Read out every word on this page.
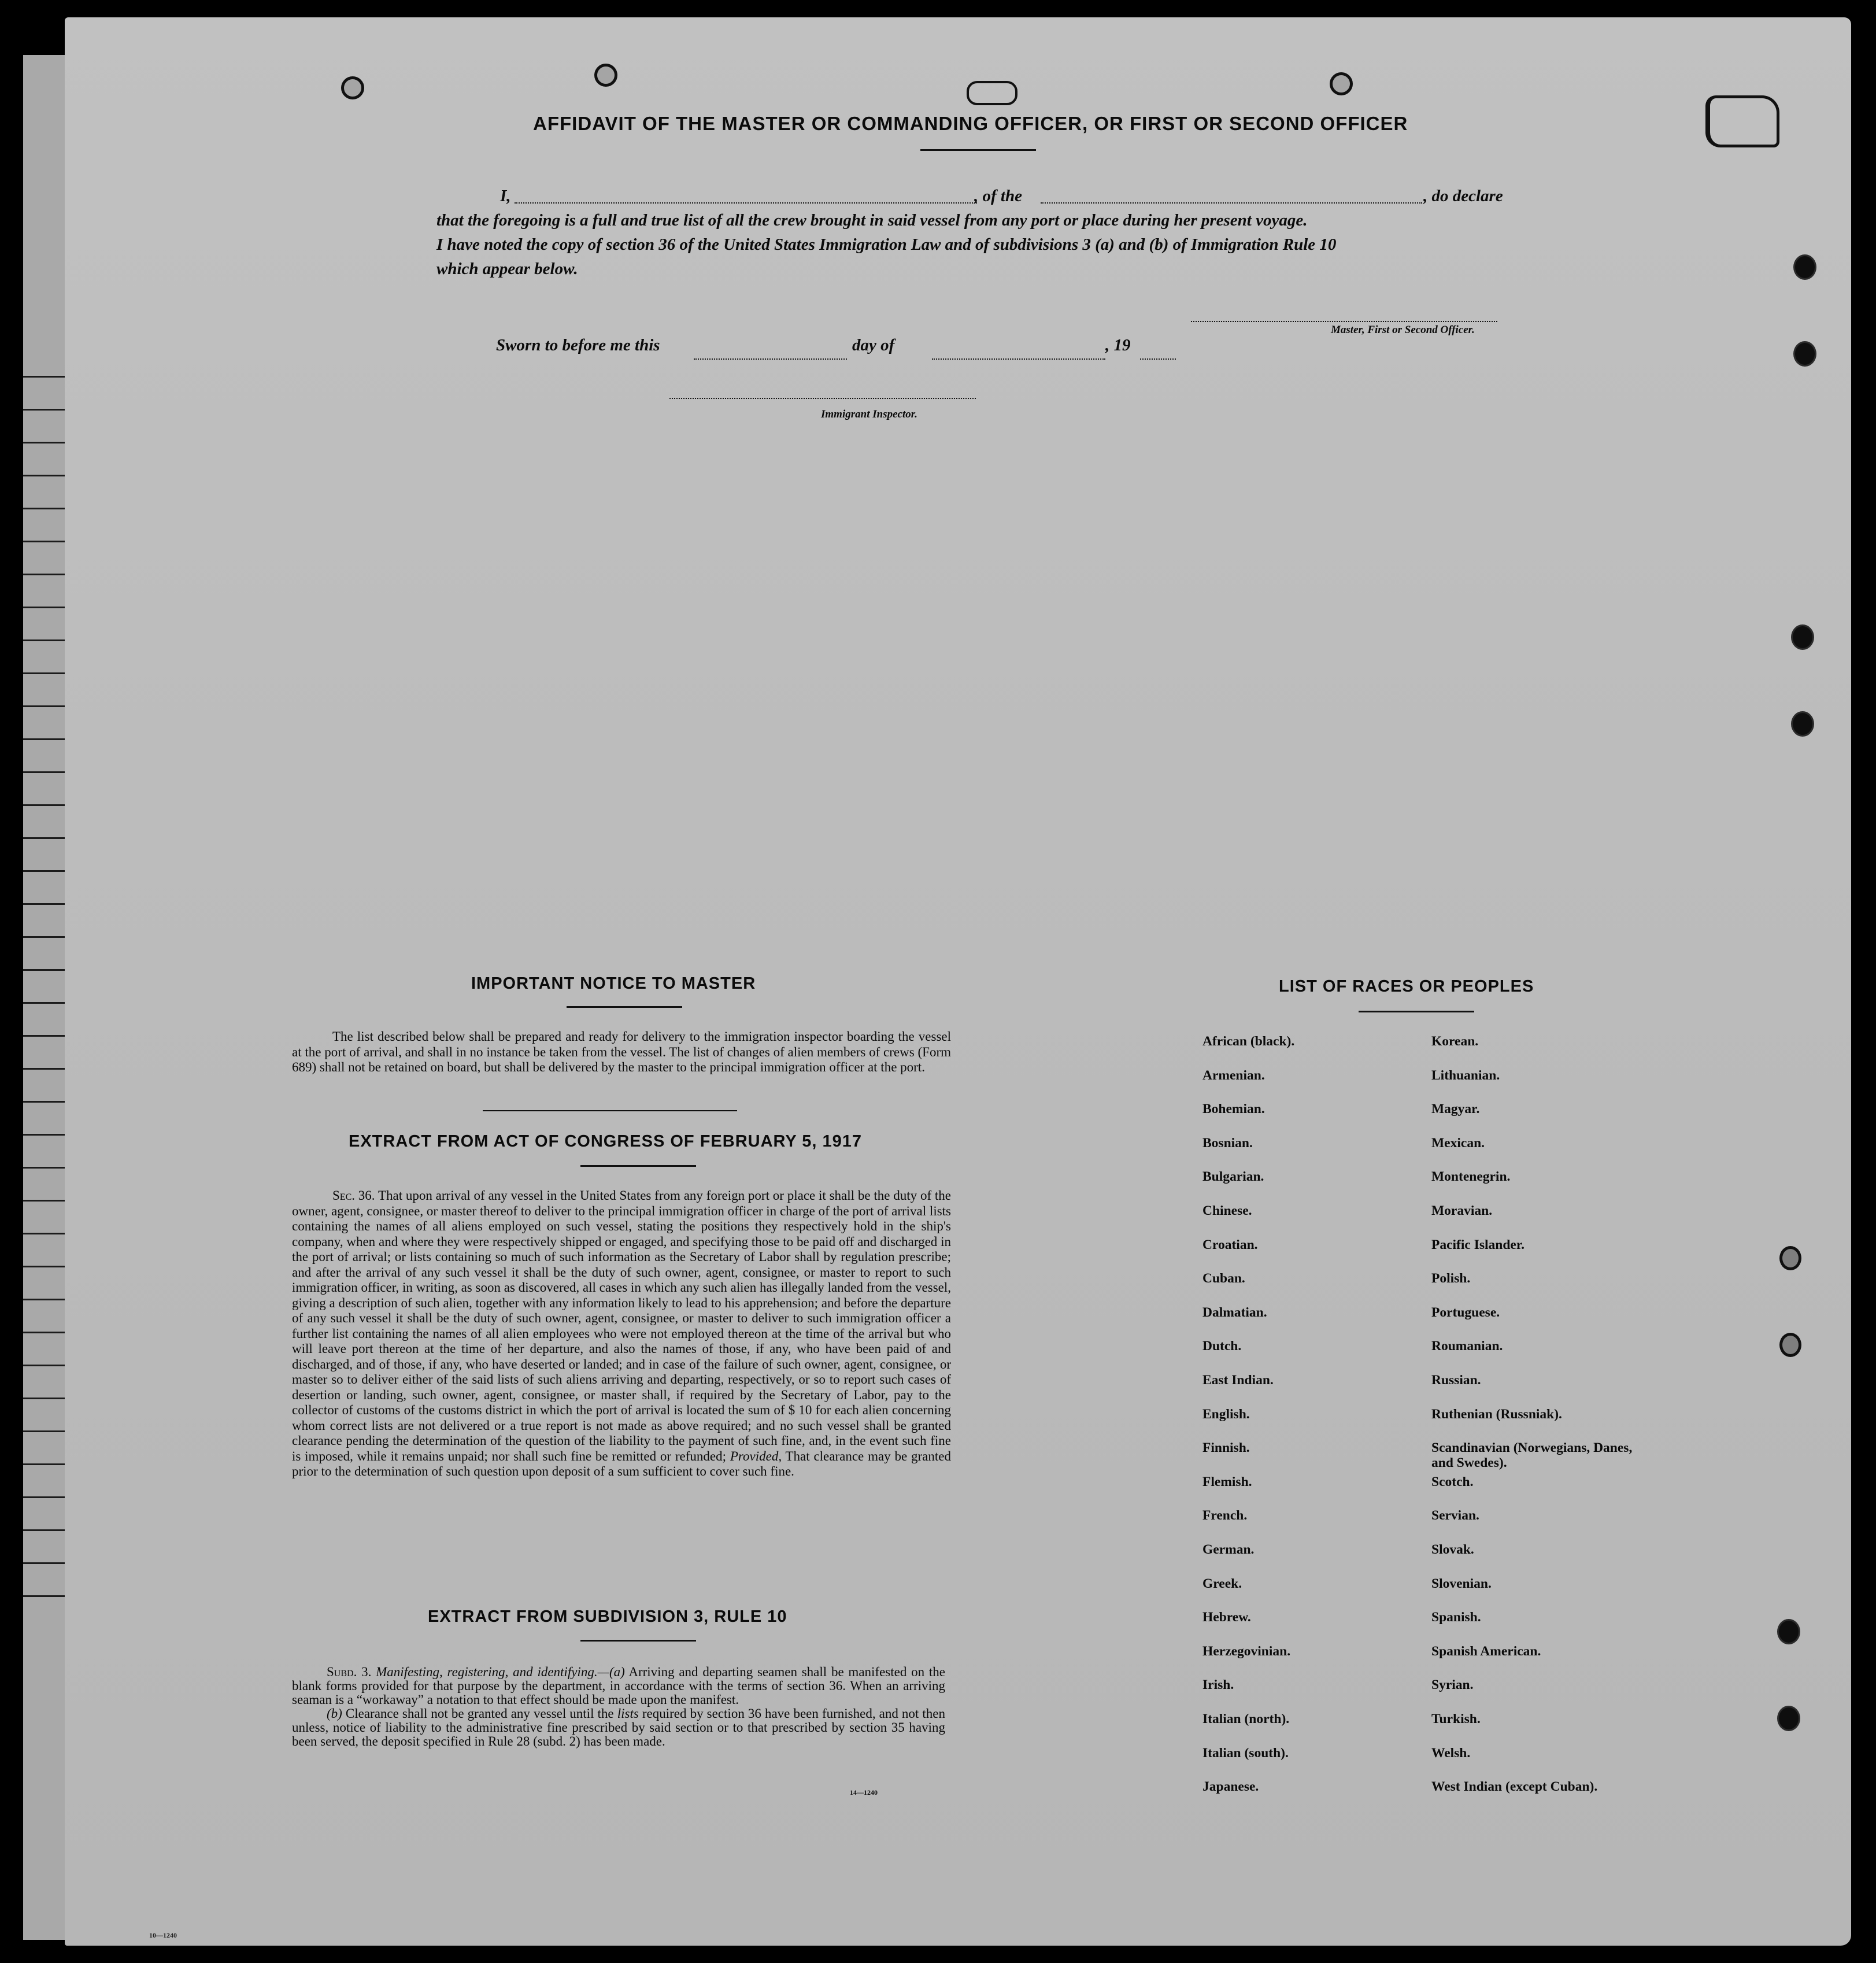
AFFIDAVIT OF THE MASTER OR COMMANDING OFFICER, OR FIRST OR SECOND OFFICER
I,	, of the	, do declare
that the foregoing is a full and true list of all the crew brought in said vessel from any port or place during her present voyage.
I have noted the copy of section 36 of the United States Immigration Law and of subdivisions 3 (a) and (b) of Immigration Rule 10
which appear below.
Master, First or Second Officer.
Sworn to before me this	day of	, 19
Immigrant Inspector.
IMPORTANT NOTICE TO MASTER
The list described below shall be prepared and ready for delivery to the immigration inspector boarding the vessel at the port of arrival, and shall in no instance be taken from the vessel. The list of changes of alien members of crews (Form 689) shall not be retained on board, but shall be delivered by the master to the principal immigration officer at the port.
EXTRACT FROM ACT OF CONGRESS OF FEBRUARY 5, 1917
Sec. 36. That upon arrival of any vessel in the United States from any foreign port or place it shall be the duty of the owner, agent, consignee, or master thereof to deliver to the principal immigration officer in charge of the port of arrival lists containing the names of all aliens employed on such vessel, stating the positions they respectively hold in the ship's company, when and where they were respectively shipped or engaged, and specifying those to be paid off and discharged in the port of arrival; or lists containing so much of such information as the Secretary of Labor shall by regulation prescribe; and after the arrival of any such vessel it shall be the duty of such owner, agent, consignee, or master to report to such immigration officer, in writing, as soon as discovered, all cases in which any such alien has illegally landed from the vessel, giving a description of such alien, together with any information likely to lead to his apprehension; and before the departure of any such vessel it shall be the duty of such owner, agent, consignee, or master to deliver to such immigration officer a further list containing the names of all alien employees who were not employed thereon at the time of the arrival but who will leave port thereon at the time of her departure, and also the names of those, if any, who have been paid of and discharged, and of those, if any, who have deserted or landed; and in case of the failure of such owner, agent, consignee, or master so to deliver either of the said lists of such aliens arriving and departing, respectively, or so to report such cases of desertion or landing, such owner, agent, consignee, or master shall, if required by the Secretary of Labor, pay to the collector of customs of the customs district in which the port of arrival is located the sum of $ 10 for each alien concerning whom correct lists are not delivered or a true report is not made as above required; and no such vessel shall be granted clearance pending the determination of the question of the liability to the payment of such fine, and, in the event such fine is imposed, while it remains unpaid; nor shall such fine be remitted or refunded; Provided, That clearance may be granted prior to the determination of such question upon deposit of a sum sufficient to cover such fine.
EXTRACT FROM SUBDIVISION 3, RULE 10

Subd. 3. Manifesting, registering, and identifying.—(a) Arriving and departing seamen shall be manifested on the blank forms provided for that purpose by the department, in accordance with the terms of section 36. When an arriving seaman is a “workaway” a notation to that effect should be made upon the manifest.

(b) Clearance shall not be granted any vessel until the lists required by section 36 have been furnished, and not then unless, notice of liability to the administrative fine prescribed by said section or to that prescribed by section 35 having been served, the deposit specified in Rule 28 (subd. 2) has been made.

14—1240
LIST OF RACES OR PEOPLES
10—1240
African (black).
Armenian.
Bohemian.
Bosnian.
Bulgarian.
Chinese.
Croatian.
Cuban.
Dalmatian.
Dutch.
East Indian.
English.
Finnish.
Flemish.
French.
German.
Greek.
Hebrew.
Herzegovinian.
Irish.
Italian (north).
Italian (south).
Japanese.
Korean.
Lithuanian.
Magyar.
Mexican.
Montenegrin.
Moravian.
Pacific Islander.
Polish.
Portuguese.
Roumanian.
Russian.
Ruthenian (Russniak).
Scandinavian (Norwegians, Danes, and Swedes).
Scotch.
Servian.
Slovak.
Slovenian.
Spanish.
Spanish American.
Syrian.
Turkish.
Welsh.
West Indian (except Cuban).
